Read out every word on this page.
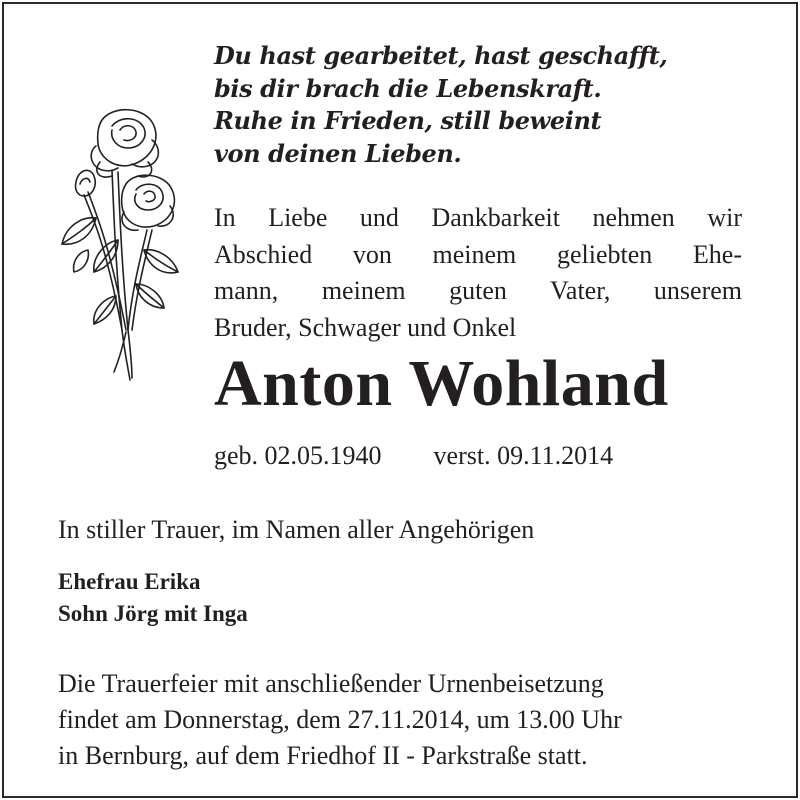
Du hast gearbeitet, hast geschafft,
bis dir brach die Lebenskraft.
Ruhe in Frieden, still beweint
von deinen Lieben.
In Liebe und Dankbarkeit nehmen wir
Abschied von meinem geliebten Ehe-
mann, meinem guten Vater, unserem
Bruder, Schwager und Onkel
Anton Wohland
geb. 02.05.1940 verst. 09.11.2014
In stiller Trauer, im Namen aller Angehörigen
Ehefrau Erika
Sohn Jörg mit Inga
Die Trauerfeier mit anschließender Urnenbeisetzung
findet am Donnerstag, dem 27.11.2014, um 13.00 Uhr
in Bernburg, auf dem Friedhof II - Parkstraße statt.
